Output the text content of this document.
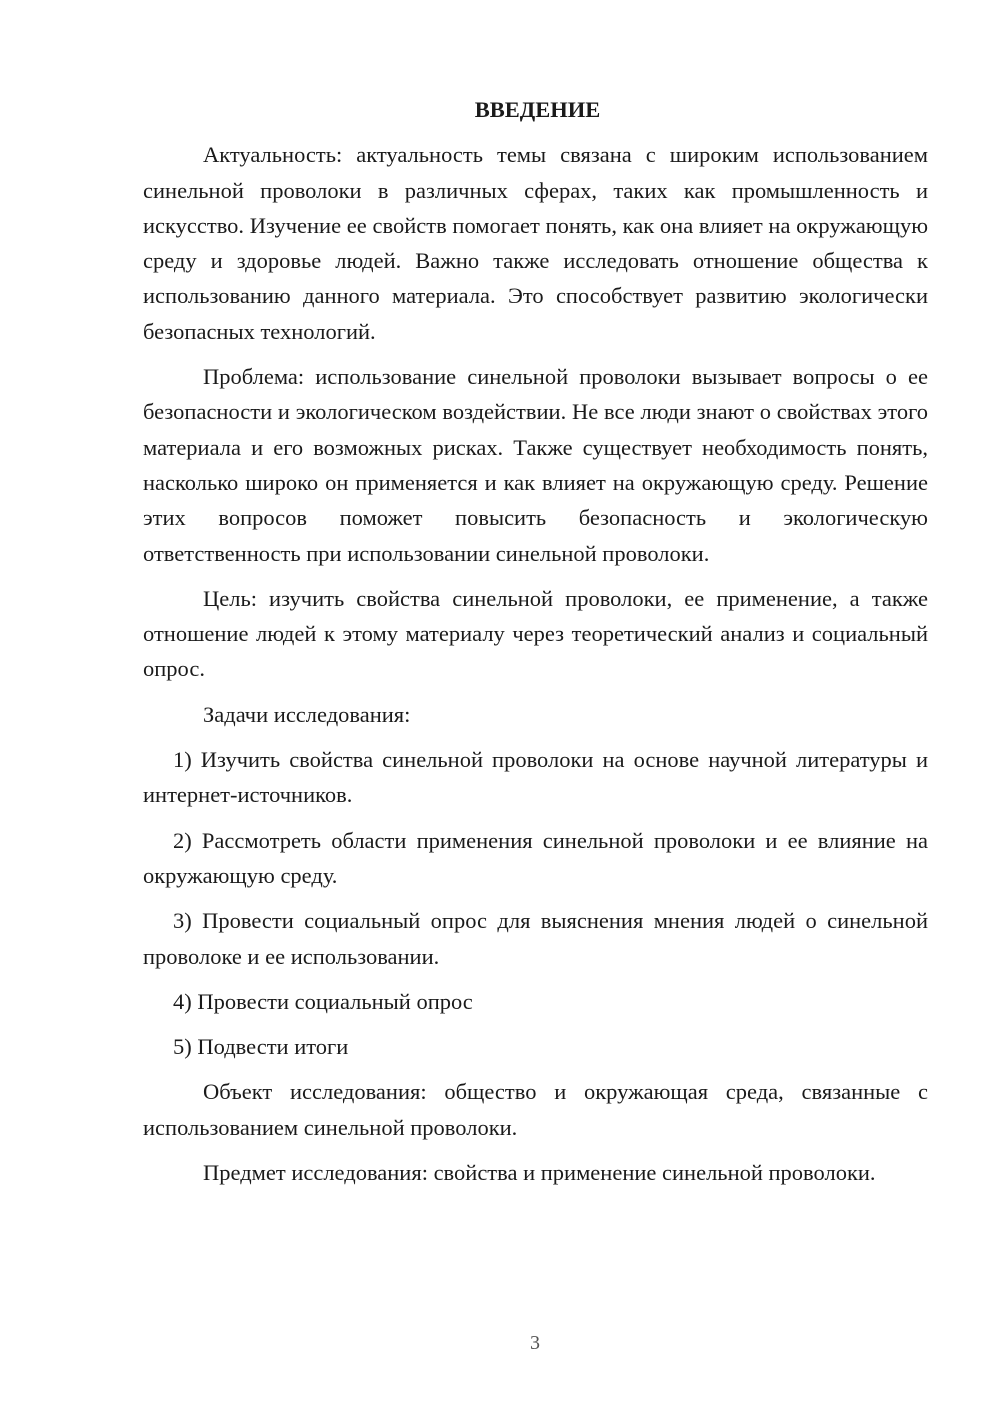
ВВЕДЕНИЕ

Актуальность: актуальность темы связана с широким использованием синельной проволоки в различных сферах, таких как промышленность и искусство. Изучение ее свойств помогает понять, как она влияет на окружающую среду и здоровье людей. Важно также исследовать отношение общества к использованию данного материала. Это способствует развитию экологически безопасных технологий.

Проблема: использование синельной проволоки вызывает вопросы о ее безопасности и экологическом воздействии. Не все люди знают о свойствах этого материала и его возможных рисках. Также существует необходимость понять, насколько широко он применяется и как влияет на окружающую среду. Решение этих вопросов поможет повысить безопасность и экологическую ответственность при использовании синельной проволоки.

Цель: изучить свойства синельной проволоки, ее применение, а также отношение людей к этому материалу через теоретический анализ и социальный опрос.

Задачи исследования:

1) Изучить свойства синельной проволоки на основе научной литературы и интернет-источников.

2) Рассмотреть области применения синельной проволоки и ее влияние на окружающую среду.

3) Провести социальный опрос для выяснения мнения людей о синельной проволоке и ее использовании.

4) Провести социальный опрос

5) Подвести итоги

Объект исследования: общество и окружающая среда, связанные с использованием синельной проволоки.

Предмет исследования: свойства и применение синельной проволоки.

3
